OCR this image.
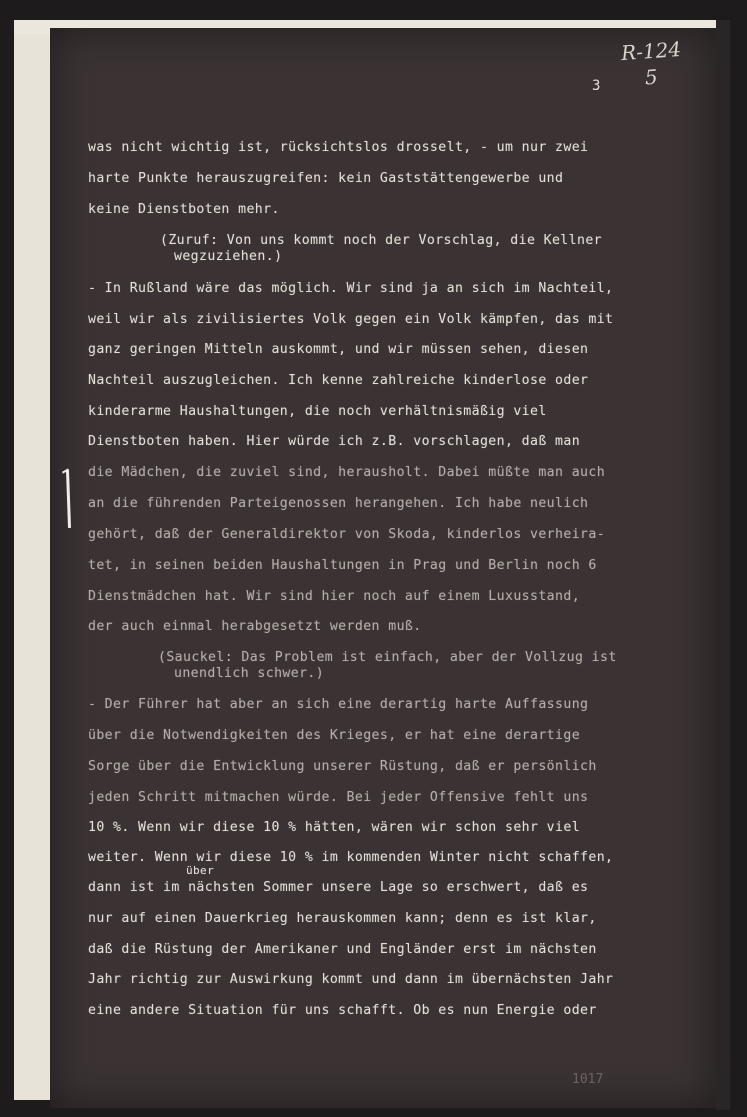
R-124
5
3
was nicht wichtig ist, rücksichtslos drosselt, - um nur zwei
harte Punkte herauszugreifen: kein Gaststättengewerbe und
keine Dienstboten mehr.
(Zuruf: Von uns kommt noch der Vorschlag, die Kellner
wegzuziehen.)
- In Rußland wäre das möglich. Wir sind ja an sich im Nachteil,
weil wir als zivilisiertes Volk gegen ein Volk kämpfen, das mit
ganz geringen Mitteln auskommt, und wir müssen sehen, diesen
Nachteil auszugleichen. Ich kenne zahlreiche kinderlose oder
kinderarme Haushaltungen, die noch verhältnismäßig viel
Dienstboten haben. Hier würde ich z.B. vorschlagen, daß man
die Mädchen, die zuviel sind, herausholt. Dabei müßte man auch
an die führenden Parteigenossen herangehen. Ich habe neulich
gehört, daß der Generaldirektor von Skoda, kinderlos verheira-
tet, in seinen beiden Haushaltungen in Prag und Berlin noch 6
Dienstmädchen hat. Wir sind hier noch auf einem Luxusstand,
der auch einmal herabgesetzt werden muß.
(Sauckel: Das Problem ist einfach, aber der Vollzug ist
unendlich schwer.)
- Der Führer hat aber an sich eine derartig harte Auffassung
über die Notwendigkeiten des Krieges, er hat eine derartige
Sorge über die Entwicklung unserer Rüstung, daß er persönlich
jeden Schritt mitmachen würde. Bei jeder Offensive fehlt uns
10 %. Wenn wir diese 10 % hätten, wären wir schon sehr viel
weiter. Wenn wir diese 10 % im kommenden Winter nicht schaffen,
über
dann ist im nächsten Sommer unsere Lage so erschwert, daß es
nur auf einen Dauerkrieg herauskommen kann; denn es ist klar,
daß die Rüstung der Amerikaner und Engländer erst im nächsten
Jahr richtig zur Auswirkung kommt und dann im übernächsten Jahr
eine andere Situation für uns schafft. Ob es nun Energie oder
1017
